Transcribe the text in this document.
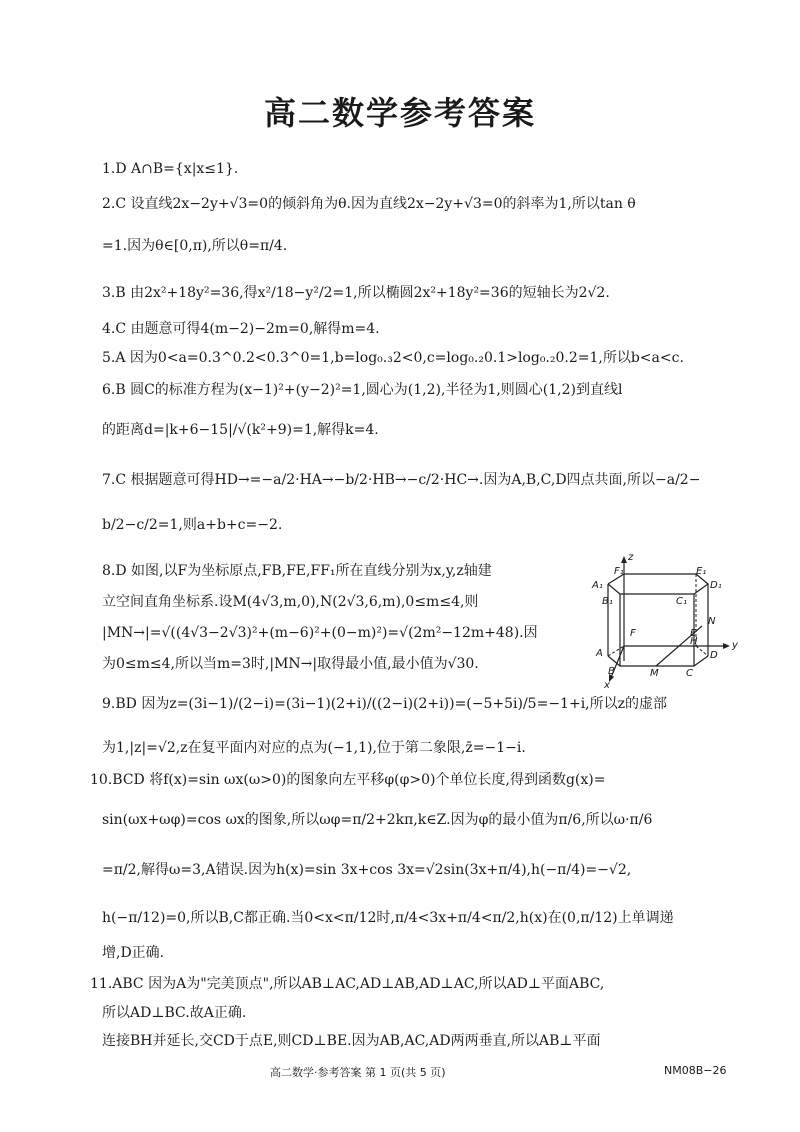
高二数学参考答案
1.D A∩B={x|x≤1}.
2.C 设直线2x−2y+√3=0的倾斜角为θ.因为直线2x−2y+√3=0的斜率为1,所以tan θ
=1.因为θ∈[0,π),所以θ=π/4.
3.B 由2x²+18y²=36,得x²/18−y²/2=1,所以椭圆2x²+18y²=36的短轴长为2√2.
4.C 由题意可得4(m−2)−2m=0,解得m=4.
5.A 因为0<a=0.3^0.2<0.3^0=1,b=log₀.₃2<0,c=log₀.₂0.1>log₀.₂0.2=1,所以b<a<c.
6.B 圆C的标准方程为(x−1)²+(y−2)²=1,圆心为(1,2),半径为1,则圆心(1,2)到直线l
的距离d=|k+6−15|/√(k²+9)=1,解得k=4.
7.C 根据题意可得HD→=−a/2·HA→−b/2·HB→−c/2·HC→.因为A,B,C,D四点共面,所以−a/2−
b/2−c/2=1,则a+b+c=−2.
8.D 如图,以F为坐标原点,FB,FE,FF₁所在直线分别为x,y,z轴建
立空间直角坐标系.设M(4√3,m,0),N(2√3,6,m),0≤m≤4,则
|MN→|=√((4√3−2√3)²+(m−6)²+(0−m)²)=√(2m²−12m+48).因
为0≤m≤4,所以当m=3时,|MN→|取得最小值,最小值为√30.
9.BD 因为z=(3i−1)/(2−i)=(3i−1)(2+i)/((2−i)(2+i))=(−5+5i)/5=−1+i,所以z的虚部
为1,|z|=√2,z在复平面内对应的点为(−1,1),位于第二象限,z̄=−1−i.
10.BCD 将f(x)=sin ωx(ω>0)的图象向左平移φ(φ>0)个单位长度,得到函数g(x)=
sin(ωx+ωφ)=cos ωx的图象,所以ωφ=π/2+2kπ,k∈Z.因为φ的最小值为π/6,所以ω·π/6
=π/2,解得ω=3,A错误.因为h(x)=sin 3x+cos 3x=√2sin(3x+π/4),h(−π/4)=−√2,
h(−π/12)=0,所以B,C都正确.当0<x<π/12时,π/4<3x+π/4<π/2,h(x)在(0,π/12)上单调递
增,D正确.
11.ABC 因为A为"完美顶点",所以AB⊥AC,AD⊥AB,AD⊥AC,所以AD⊥平面ABC,
所以AD⊥BC.故A正确.
连接BH并延长,交CD于点E,则CD⊥BE.因为AB,AC,AD两两垂直,所以AB⊥平面
z
F₁	E₁
A₁	D₁
B₁	C₁
N
F	E
A
H
D
y
B	M	C
x
高二数学·参考答案 第 1 页(共 5 页)	NM08B−26
